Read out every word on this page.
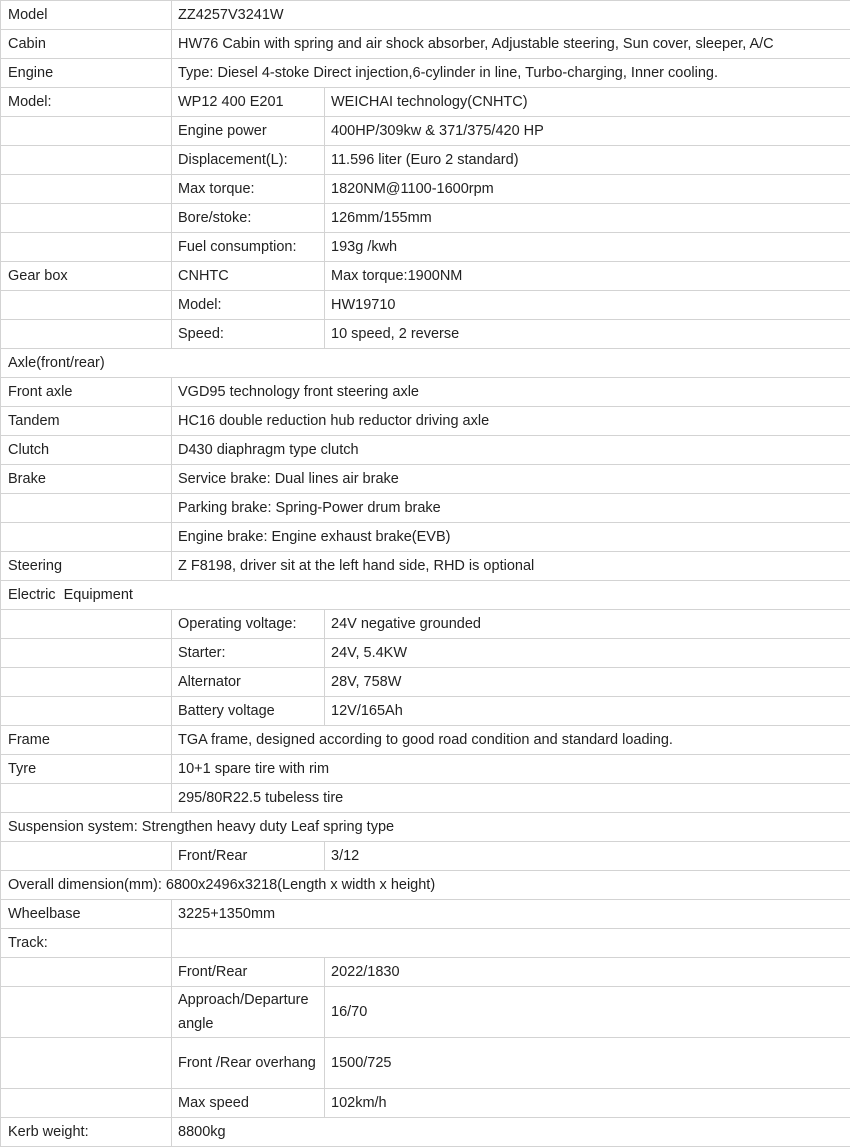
Model	ZZ4257V3241W	
Cabin	HW76 Cabin with spring and air shock absorber, Adjustable steering, Sun cover, sleeper, A/C	
Engine	Type: Diesel 4-stoke Direct injection,6-cylinder in line, Turbo-charging, Inner cooling.	
Model:	WP12 400 E201	WEICHAI technology(CNHTC)
	Engine power	400HP/309kw & 371/375/420 HP
	Displacement(L):	11.596 liter (Euro 2 standard)
	Max torque:	1820NM@1100-1600rpm
	Bore/stoke:	126mm/155mm
	Fuel consumption:	193g /kwh
Gear box	CNHTC	Max torque:1900NM
	Model:	HW19710
	Speed:	10 speed, 2 reverse
Axle(front/rear)		
Front axle	VGD95 technology front steering axle	
Tandem	HC16 double reduction hub reductor driving axle	
Clutch	D430 diaphragm type clutch	
Brake	Service brake: Dual lines air brake	
	Parking brake: Spring-Power drum brake	
	Engine brake: Engine exhaust brake(EVB)	
Steering	Z F8198, driver sit at the left hand side, RHD is optional	
Electric  Equipment		
	Operating voltage:	24V negative grounded
	Starter:	24V, 5.4KW
	Alternator	28V, 758W
	Battery voltage	12V/165Ah
Frame	TGA frame, designed according to good road condition and standard loading.	
Tyre	10+1 spare tire with rim	
	295/80R22.5 tubeless tire	
Suspension system: Strengthen heavy duty Leaf spring type		
	Front/Rear	3/12
Overall dimension(mm): 6800x2496x3218(Length x width x height)		
Wheelbase	3225+1350mm	
Track:		
	Front/Rear	2022/1830
	Approach/Departure angle	16/70
	Front /Rear overhang	1500/725
	Max speed	102km/h
Kerb weight:	8800kg	
